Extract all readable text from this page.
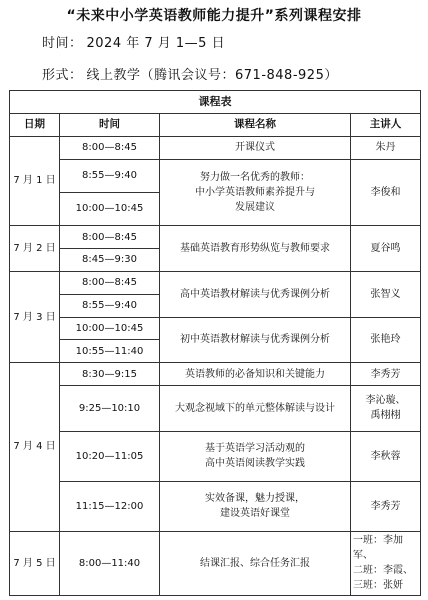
“未来中小学英语教师能力提升”系列课程安排
时间： 2024 年 7 月 1—5 日
形式： 线上教学（腾讯会议号：671-848-925）
课程表			
日期	时间	课程名称	主讲人
7 月 1 日	8:00—8:45	开课仪式	朱丹
	8:55—9:40	努力做一名优秀的教师：
中小学英语教师素养提升与
发展建议	李俊和
	10:00—10:45		
7 月 2 日	8:00—8:45	基础英语教育形势纵览与教师要求	夏谷鸣
	8:45—9:30		
7 月 3 日	8:00—8:45	高中英语教材解读与优秀课例分析	张智义
	8:55—9:40		
	10:00—10:45	初中英语教材解读与优秀课例分析	张艳玲
	10:55—11:40		
7 月 4 日	8:30—9:15	英语教师的必备知识和关键能力	李秀芳
	9:25—10:10	大观念视域下的单元整体解读与设计	李沁璇、
禹栩栩

	10:20—11:05	基于英语学习活动观的
高中英语阅读教学实践	李秋蓉
	11:15—12:00	实效备课，魅力授课，
建设英语好课堂	李秀芳
7 月 5 日	8:00—11:40	结课汇报、综合任务汇报	一班：李加军、
二班：李霞、
三班：张妍
